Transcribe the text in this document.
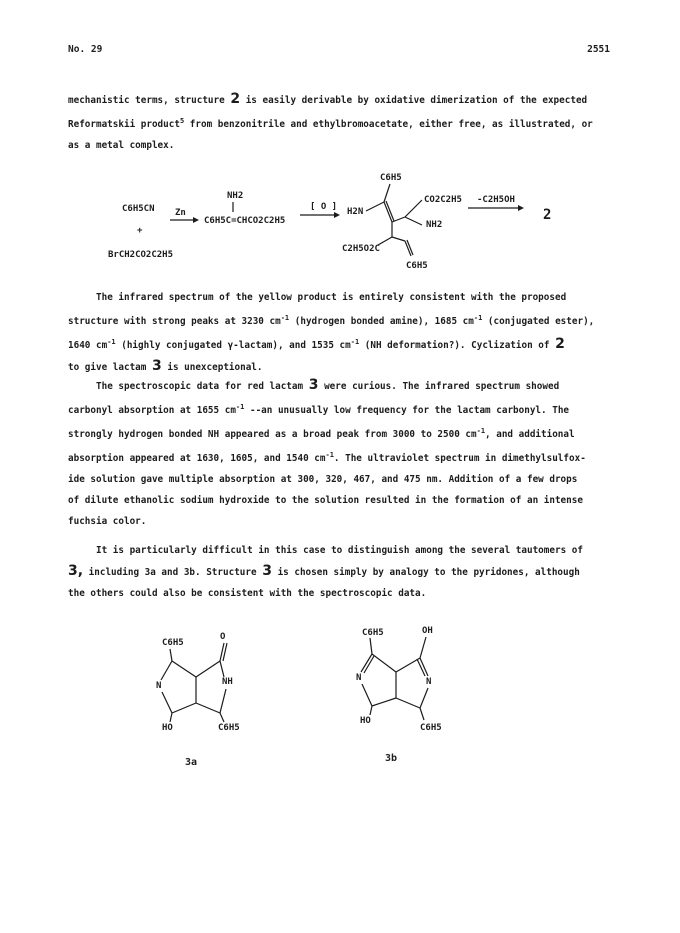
No. 29	2551
mechanistic terms, structure 2 is easily derivable by oxidative dimerization of the expected
Reformatskii product$^5$ from benzonitrile and ethylbromoacetate, either free, as illustrated, or
as a metal complex.
C6H5CN
+
BrCH2CO2C2H5
Zn
NH2
C6H5C=CHCO2C2H5
[ O ]
C6H5
H2N
CO2C2H5
NH2
C2H5O2C
C6H5
-C2H5OH
2
The infrared spectrum of the yellow product is entirely consistent with the proposed
structure with strong peaks at 3230 $cm^{-1}$ (hydrogen bonded amine), 1685 $cm^{-1}$ (conjugated ester),
1640 $cm^{-1}$ (highly conjugated γ-lactam), and 1535 $cm^{-1}$ (NH deformation?). Cyclization of 2
to give lactam 3 is unexceptional.
The spectroscopic data for red lactam 3 were curious. The infrared spectrum showed
carbonyl absorption at 1655 $cm^{-1}$ --an unusually low frequency for the lactam carbonyl. The
strongly hydrogen bonded NH appeared as a broad peak from 3000 to 2500 $cm^{-1}$, and additional
absorption appeared at 1630, 1605, and 1540 $cm^{-1}$. The ultraviolet spectrum in dimethylsulfox-
ide solution gave multiple absorption at 300, 320, 467, and 475 nm. Addition of a few drops
of dilute ethanolic sodium hydroxide to the solution resulted in the formation of an intense
fuchsia color.
It is particularly difficult in this case to distinguish among the several tautomers of
3, including 3a and 3b. Structure 3 is chosen simply by analogy to the pyridones, although
the others could also be consistent with the spectroscopic data.
C6H5
O
N	NH
HO	C6H5
3a
C6H5	OH
N	N
HO
C6H5
3b
